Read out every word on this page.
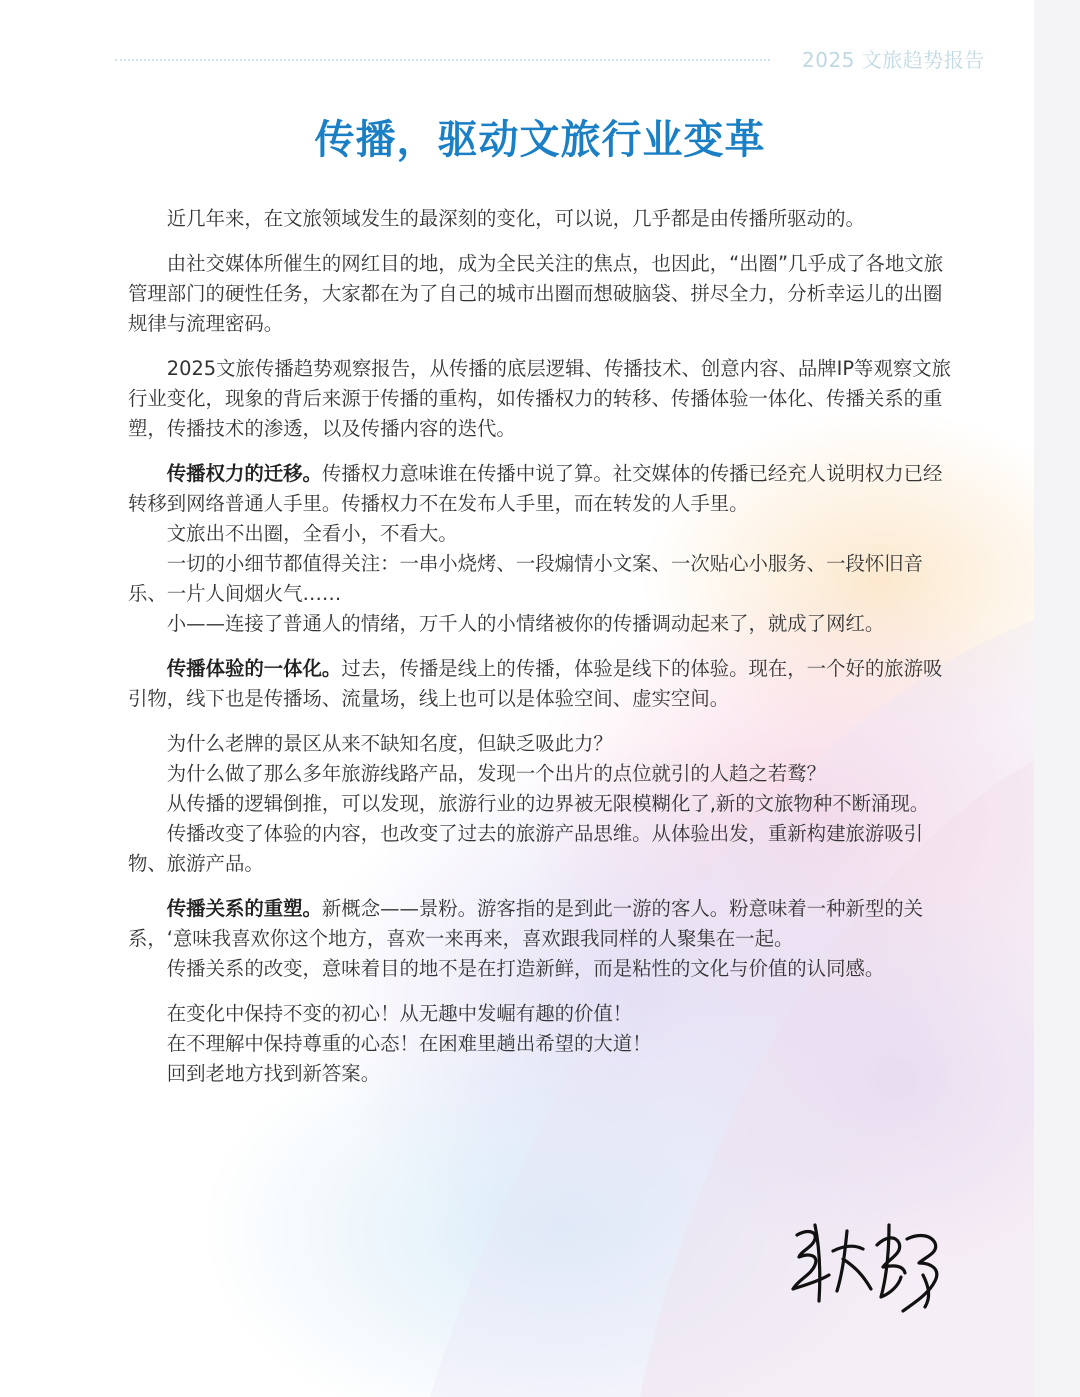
2025 文旅趋势报告
传播，驱动文旅行业变革

近几年来，在文旅领域发生的最深刻的变化，可以说，几乎都是由传播所驱动的。

由社交媒体所催生的网红目的地，成为全民关注的焦点，也因此，“出圈”几乎成了各地文旅管理部门的硬性任务，大家都在为了自己的城市出圈而想破脑袋、拼尽全力，分析幸运儿的出圈规律与流理密码。

2025文旅传播趋势观察报告，从传播的底层逻辑、传播技术、创意内容、品牌IP等观察文旅行业变化，现象的背后来源于传播的重构，如传播权力的转移、传播体验一体化、传播关系的重塑，传播技术的渗透，以及传播内容的迭代。

传播权力的迁移。传播权力意味谁在传播中说了算。社交媒体的传播已经充人说明权力已经转移到网络普通人手里。传播权力不在发布人手里，而在转发的人手里。

文旅出不出圈，全看小，不看大。

一切的小细节都值得关注：一串小烧烤、一段煽情小文案、一次贴心小服务、一段怀旧音乐、一片人间烟火气……

小——连接了普通人的情绪，万千人的小情绪被你的传播调动起来了，就成了网红。

传播体验的一体化。过去，传播是线上的传播，体验是线下的体验。现在，一个好的旅游吸引物，线下也是传播场、流量场，线上也可以是体验空间、虚实空间。

为什么老牌的景区从来不缺知名度，但缺乏吸此力？

为什么做了那么多年旅游线路产品，发现一个出片的点位就引的人趋之若鹜？

从传播的逻辑倒推，可以发现，旅游行业的边界被无限模糊化了,新的文旅物种不断涌现。

传播改变了体验的内容，也改变了过去的旅游产品思维。从体验出发，重新构建旅游吸引物、旅游产品。

传播关系的重塑。新概念——景粉。游客指的是到此一游的客人。粉意味着一种新型的关系，‘意味我喜欢你这个地方，喜欢一来再来，喜欢跟我同样的人聚集在一起。

传播关系的改变，意味着目的地不是在打造新鲜，而是粘性的文化与价值的认同感。

在变化中保持不变的初心！从无趣中发崛有趣的价值！

在不理解中保持尊重的心态！在困难里趟出希望的大道！

回到老地方找到新答案。
